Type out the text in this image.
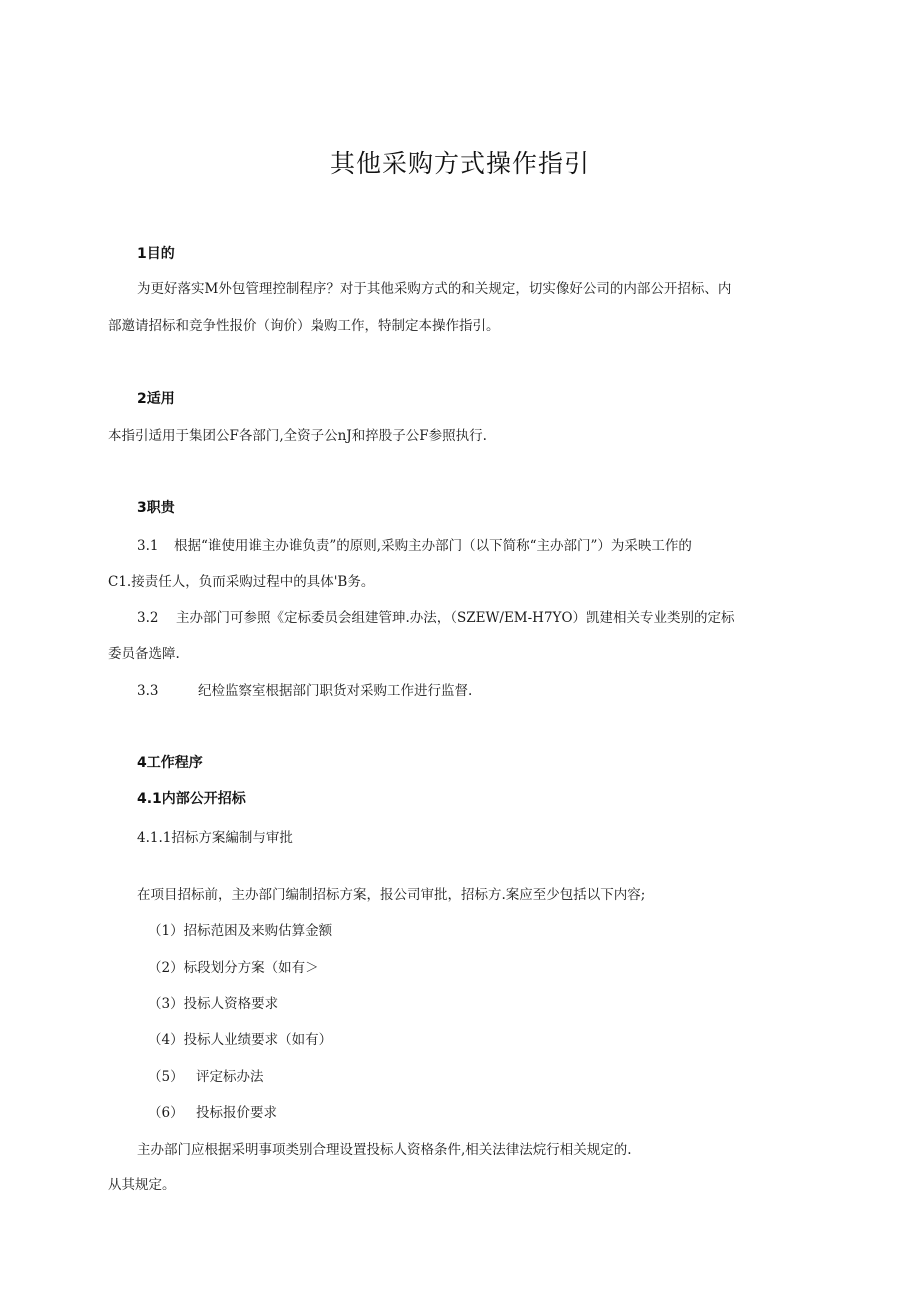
其他采购方式操作指引
1目的
为更好落实M外包管理控制程序？对于其他采购方式的和关规定，切实像好公司的内部公开招标、内
部邀请招标和竞争性报价（询价）枭购工作，特制定本操作指引。
2适用
本指引适用于集团公F各部门,全资子公nJ和捽股子公F参照执行.
3职贵
3.1 根据“谁使用谁主办谁负责”的原则,采购主办部门（以下简称“主办部门”）为采映工作的
C1.接责任人，负而采购过程中的具体'B务。
3.2 主办部门可参照《定标委员会组建管珅.办法，（SZEW/EM-H7YO）凯建相关专业类别的定标
委员备选障.
3.3	纪检监察室根据部门职货对采购工作进行监督.
4工作程序
4.1内部公开招标
4.1.1招标方案編制与审批
在项目招标前，主办部门编制招标方案，报公司审批，招标方.案应至少包括以下内容;
（1）招标范困及来购估算金额
（2）标段划分方案（如有＞
（3）投标人资格要求
（4）投标人业绩要求（如有）
（5） 评定标办法
（6） 投标报价要求
主办部门应根据采明事项类别合理设置投标人资格条件,相关法律法烷行相关规定的.
从其规定。
